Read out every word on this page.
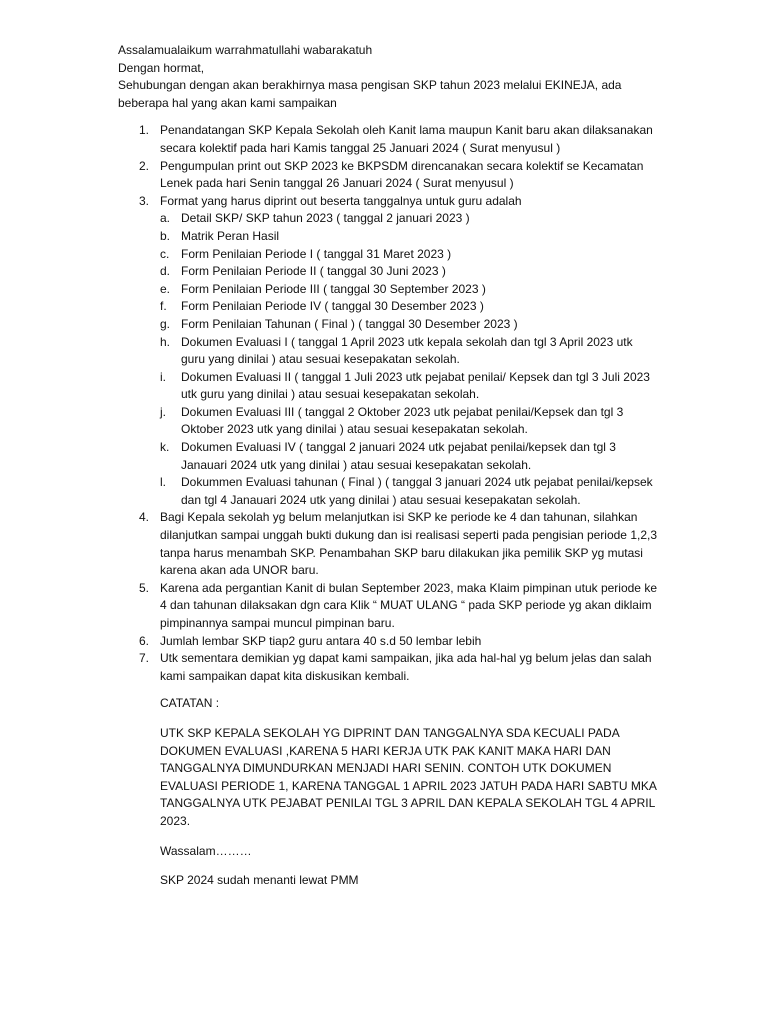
Assalamualaikum warrahmatullahi wabarakatuh

Dengan hormat,

Sehubungan dengan akan berakhirnya masa pengisan SKP tahun 2023 melalui EKINEJA, ada beberapa hal yang akan kami sampaikan

1. Penandatangan SKP Kepala Sekolah oleh Kanit lama maupun Kanit baru akan dilaksanakan secara kolektif pada hari Kamis tanggal 25 Januari 2024 ( Surat menyusul )
2. Pengumpulan print out SKP 2023 ke BKPSDM direncanakan secara kolektif se Kecamatan Lenek pada hari Senin tanggal 26 Januari 2024 ( Surat menyusul )
3. Format yang harus diprint out beserta tanggalnya untuk guru adalah
a. Detail SKP/ SKP tahun 2023 ( tanggal 2 januari 2023 )
b. Matrik Peran Hasil
c. Form Penilaian Periode I ( tanggal 31 Maret 2023 )
d. Form Penilaian Periode II ( tanggal 30 Juni 2023 )
e. Form Penilaian Periode III ( tanggal 30 September 2023 )
f. Form Penilaian Periode IV ( tanggal 30 Desember 2023 )
g. Form Penilaian Tahunan ( Final ) ( tanggal 30 Desember 2023 )
h. Dokumen Evaluasi I ( tanggal 1 April 2023 utk kepala sekolah dan tgl 3 April 2023 utk guru yang dinilai ) atau sesuai kesepakatan sekolah.
i. Dokumen Evaluasi II ( tanggal 1 Juli 2023 utk pejabat penilai/ Kepsek dan tgl 3 Juli 2023 utk guru yang dinilai ) atau sesuai kesepakatan sekolah.
j. Dokumen Evaluasi III ( tanggal 2 Oktober 2023 utk pejabat penilai/Kepsek dan tgl 3 Oktober 2023 utk yang dinilai ) atau sesuai kesepakatan sekolah.
k. Dokumen Evaluasi IV ( tanggal 2 januari 2024 utk pejabat penilai/kepsek dan tgl 3 Janauari 2024 utk yang dinilai ) atau sesuai kesepakatan sekolah.
l. Dokummen Evaluasi tahunan ( Final ) ( tanggal 3 januari 2024 utk pejabat penilai/kepsek dan tgl 4 Janauari 2024 utk yang dinilai ) atau sesuai kesepakatan sekolah.
4. Bagi Kepala sekolah yg belum melanjutkan isi SKP ke periode ke 4 dan tahunan, silahkan dilanjutkan sampai unggah bukti dukung dan isi realisasi seperti pada pengisian periode 1,2,3 tanpa harus menambah SKP. Penambahan SKP baru dilakukan jika pemilik SKP yg mutasi karena akan ada UNOR baru.
5. Karena ada pergantian Kanit di bulan September 2023, maka Klaim pimpinan utuk periode ke 4 dan tahunan dilaksakan dgn cara Klik “ MUAT ULANG “ pada SKP periode yg akan diklaim pimpinannya sampai muncul pimpinan baru.
6. Jumlah lembar SKP tiap2 guru antara 40 s.d 50 lembar lebih
7. Utk sementara demikian yg dapat kami sampaikan, jika ada hal-hal yg belum jelas dan salah kami sampaikan dapat kita diskusikan kembali.
CATATAN :
UTK SKP KEPALA SEKOLAH YG DIPRINT DAN TANGGALNYA SDA KECUALI PADA DOKUMEN EVALUASI ,KARENA 5 HARI KERJA UTK PAK KANIT MAKA HARI DAN TANGGALNYA DIMUNDURKAN MENJADI HARI SENIN. CONTOH UTK DOKUMEN EVALUASI PERIODE 1, KARENA TANGGAL 1 APRIL 2023 JATUH PADA HARI SABTU MKA TANGGALNYA UTK PEJABAT PENILAI TGL 3 APRIL DAN KEPALA SEKOLAH TGL 4 APRIL 2023.
Wassalam………
SKP 2024 sudah menanti lewat PMM
